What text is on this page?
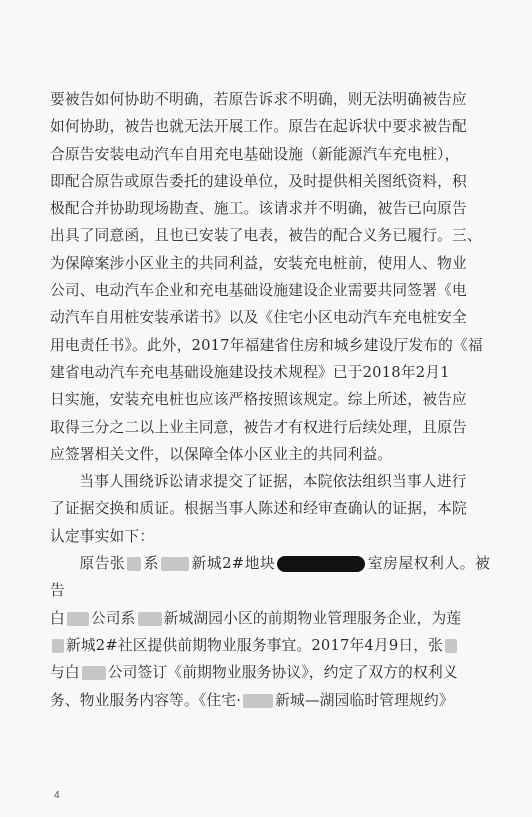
要被告如何协助不明确，若原告诉求不明确，则无法明确被告应

如何协助，被告也就无法开展工作。原告在起诉状中要求被告配

合原告安装电动汽车自用充电基础设施（新能源汽车充电桩），

即配合原告或原告委托的建设单位，及时提供相关图纸资料，积

极配合并协助现场勘查、施工。该请求并不明确，被告已向原告

出具了同意函，且也已安装了电表，被告的配合义务已履行。三、

为保障案涉小区业主的共同利益，安装充电桩前，使用人、物业

公司、电动汽车企业和充电基础设施建设企业需要共同签署《电

动汽车自用桩安装承诺书》以及《住宅小区电动汽车充电桩安全

用电责任书》。此外，2017年福建省住房和城乡建设厅发布的《福

建省电动汽车充电基础设施建设技术规程》已于2018年2月1

日实施，安装充电桩也应该严格按照该规定。综上所述，被告应

取得三分之二以上业主同意，被告才有权进行后续处理，且原告

应签署相关文件，以保障全体小区业主的共同利益。

当事人围绕诉讼请求提交了证据，本院依法组织当事人进行

了证据交换和质证。根据当事人陈述和经审查确认的证据，本院

认定事实如下：

原告张 系 新城2#地块	室房屋权利人。被告

白 公司系 新城湖园小区的前期物业管理服务企业，为莲

新城2#社区提供前期物业服务事宜。2017年4月9日，张

与白 公司签订《前期物业服务协议》，约定了双方的权利义

务、物业服务内容等。《住宅· 新城—湖园临时管理规约》

4
